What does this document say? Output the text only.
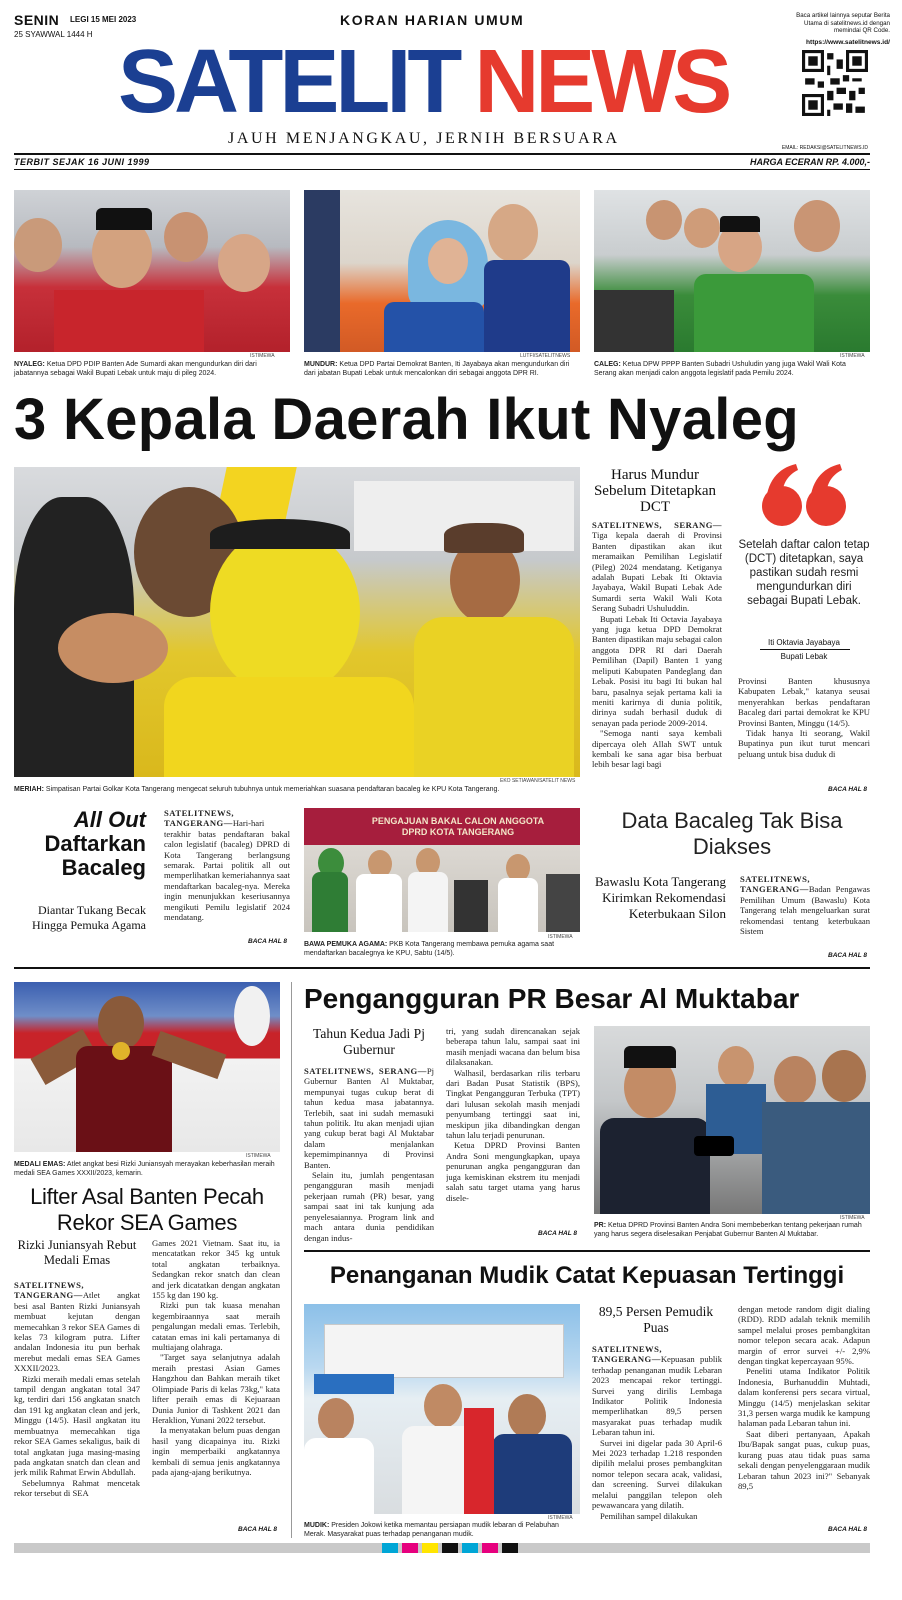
SENIN LEGI 15 MEI 2023
25 SYAWWAL 1444 H
KORAN HARIAN UMUM
SATELIT NEWS
JAUH MENJANGKAU, JERNIH BERSUARA
Baca artikel lainnya seputar Berita Utama di satelitnews.id dengan memindai QR Code.
https://www.satelitnews.id/
EMAIL: REDAKSI@SATELITNEWS.ID
TERBIT SEJAK 16 JUNI 1999	HARGA ECERAN RP. 4.000,-
ISTIMEWA
NYALEG: Ketua DPD PDIP Banten Ade Sumardi akan mengundurkan diri dari jabatannya sebagai Wakil Bupati Lebak untuk maju di pileg 2024.
LUTFI/SATELITNEWS
MUNDUR: Ketua DPD Partai Demokrat Banten, Iti Jayabaya akan mengundurkan diri dari jabatan Bupati Lebak untuk mencalonkan diri sebagai anggota DPR RI.
ISTIMEWA
CALEG: Ketua DPW PPPP Banten Subadri Ushuludin yang juga Wakil Wali Kota Serang akan menjadi calon anggota legislatif pada Pemilu 2024.
3 Kepala Daerah Ikut Nyaleg
EKO SETIAWAN/SATELIT NEWS
MERIAH: Simpatisan Partai Golkar Kota Tangerang mengecat seluruh tubuhnya untuk memeriahkan suasana pendaftaran bacaleg ke KPU Kota Tangerang.
Harus Mundur Sebelum Ditetapkan DCT

SATELITNEWS, SERANG—Tiga kepala daerah di Provinsi Banten dipastikan akan ikut meramaikan Pemilihan Legislatif (Pileg) 2024 mendatang. Ketiganya adalah Bupati Lebak Iti Oktavia Jayabaya, Wakil Bupati Lebak Ade Sumardi serta Wakil Wali Kota Serang Subadri Ushuluddin.

Bupati Lebak Iti Octavia Jayabaya yang juga ketua DPD Demokrat Banten dipastikan maju sebagai calon anggota DPR RI dari Daerah Pemilihan (Dapil) Banten 1 yang meliputi Kabupaten Pandeglang dan Lebak. Posisi itu bagi Iti bukan hal baru, pasalnya sejak pertama kali ia meniti karirnya di dunia politik, dirinya sudah berhasil duduk di senayan pada periode 2009-2014.

"Semoga nanti saya kembali dipercaya oleh Allah SWT untuk kembali ke sana agar bisa berbuat lebih besar lagi bagi

Setelah daftar calon tetap (DCT) ditetapkan, saya pastikan sudah resmi mengundurkan diri sebagai Bupati Lebak.
Iti Oktavia Jayabaya
Bupati Lebak

Provinsi Banten khususnya Kabupaten Lebak," katanya seusai menyerahkan berkas pendaftaran Bacaleg dari partai demokrat ke KPU Provinsi Banten, Minggu (14/5).

Tidak hanya Iti seorang, Wakil Bupatinya pun ikut turut mencari peluang untuk bisa duduk di

BACA HAL 8
All Out
Daftarkan
Bacaleg
Diantar Tukang Becak Hingga Pemuka Agama

SATELITNEWS, TANGERANG—Hari-hari terakhir batas pendaftaran bakal calon legislatif (bacaleg) DPRD di Kota Tangerang berlangsung semarak. Partai politik all out memperlihatkan kemeriahannya saat mendaftarkan bacaleg-nya. Mereka ingin menunjukkan keseriusannya mengikuti Pemilu legislatif 2024 mendatang.

BACA HAL 8
PENGAJUAN BAKAL CALON ANGGOTA DPRD KOTA TANGERANG
ISTIMEWA
BAWA PEMUKA AGAMA: PKB Kota Tangerang membawa pemuka agama saat mendaftarkan bacalegnya ke KPU, Sabtu (14/5).
Data Bacaleg Tak Bisa Diakses
Bawaslu Kota Tangerang Kirimkan Rekomendasi Keterbukaan Silon

SATELITNEWS, TANGERANG—Badan Pengawas Pemilihan Umum (Bawaslu) Kota Tangerang telah mengeluarkan surat rekomendasi tentang keterbukaan Sistem

BACA HAL 8
ISTIMEWA
MEDALI EMAS: Atlet angkat besi Rizki Juniansyah merayakan keberhasilan meraih medali SEA Games XXXII/2023, kemarin.
Lifter Asal Banten Pecah Rekor SEA Games
Rizki Juniansyah Rebut Medali Emas

SATELITNEWS, TANGERANG—Atlet angkat besi asal Banten Rizki Juniansyah membuat kejutan dengan memecahkan 3 rekor SEA Games di kelas 73 kilogram putra. Lifter andalan Indonesia itu pun berhak merebut medali emas SEA Games XXXII/2023.

Rizki meraih medali emas setelah tampil dengan angkatan total 347 kg, terdiri dari 156 angkatan snatch dan 191 kg angkatan clean and jerk, Minggu (14/5). Hasil angkatan itu membuatnya memecahkan tiga rekor SEA Games sekaligus, baik di total angkatan juga masing-masing pada angkatan snatch dan clean and jerk milik Rahmat Erwin Abdullah.

Sebelumnya Rahmat mencetak rekor tersebut di SEA

Games 2021 Vietnam. Saat itu, ia mencatatkan rekor 345 kg untuk total angkatan terbaiknya. Sedangkan rekor snatch dan clean and jerk dicatatkan dengan angkatan 155 kg dan 190 kg.

Rizki pun tak kuasa menahan kegembiraannya saat meraih pengalungan medali emas. Terlebih, catatan emas ini kali pertamanya di multiajang olahraga.

"Target saya selanjutnya adalah meraih prestasi Asian Games Hangzhou dan Bahkan meraih tiket Olimpiade Paris di kelas 73kg," kata lifter peraih emas di Kejuaraan Dunia Junior di Tashkent 2021 dan Heraklion, Yunani 2022 tersebut.

Ia menyatakan belum puas dengan hasil yang dicapainya itu. Rizki ingin memperbaiki angkatannya kembali di semua jenis angkatannya pada ajang-ajang berikutnya.

BACA HAL 8
Pengangguran PR Besar Al Muktabar
Tahun Kedua Jadi Pj Gubernur

SATELITNEWS, SERANG—Pj Gubernur Banten Al Muktabar, mempunyai tugas cukup berat di tahun kedua masa jabatannya. Terlebih, saat ini sudah memasuki tahun politik. Itu akan menjadi ujian yang cukup berat bagi Al Muktabar dalam menjalankan kepemimpinannya di Provinsi Banten.

Selain itu, jumlah pengentasan pengangguran masih menjadi pekerjaan rumah (PR) besar, yang sampai saat ini tak kunjung ada penyelesaiannya. Program link and mach antara dunia pendidikan dengan indus-

tri, yang sudah direncanakan sejak beberapa tahun lalu, sampai saat ini masih menjadi wacana dan belum bisa dilaksanakan.

Walhasil, berdasarkan rilis terbaru dari Badan Pusat Statistik (BPS), Tingkat Pengangguran Terbuka (TPT) dari lulusan sekolah masih menjadi penyumbang tertinggi saat ini, meskipun jika dibandingkan dengan tahun lalu terjadi penurunan.

Ketua DPRD Provinsi Banten Andra Soni mengungkapkan, upaya penurunan angka pengangguran dan juga kemiskinan ekstrem itu menjadi salah satu target utama yang harus disele-

BACA HAL 8
ISTIMEWA
PR: Ketua DPRD Provinsi Banten Andra Soni membeberkan tentang pekerjaan rumah yang harus segera diselesaikan Penjabat Gubernur Banten Al Muktabar.
Penanganan Mudik Catat Kepuasan Tertinggi
ISTIMEWA
MUDIK: Presiden Jokowi ketika memantau persiapan mudik lebaran di Pelabuhan Merak. Masyarakat puas terhadap penanganan mudik.
89,5 Persen Pemudik Puas

SATELITNEWS, TANGERANG—Kepuasan publik terhadap penanganan mudik Lebaran 2023 mencapai rekor tertinggi. Survei yang dirilis Lembaga Indikator Politik Indonesia memperlihatkan 89,5 persen masyarakat puas terhadap mudik Lebaran tahun ini.

Survei ini digelar pada 30 April-6 Mei 2023 terhadap 1.218 responden dipilih melalui proses pembangkitan nomor telepon secara acak, validasi, dan screening. Survei dilakukan melalui panggilan telepon oleh pewawancara yang dilatih.

Pemilihan sampel dilakukan

dengan metode random digit dialing (RDD). RDD adalah teknik memilih sampel melalui proses pembangkitan nomor telepon secara acak. Adapun margin of error survei +/- 2,9% dengan tingkat kepercayaan 95%.

Peneliti utama Indikator Politik Indonesia, Burhanuddin Muhtadi, dalam konferensi pers secara virtual, Minggu (14/5) menjelaskan sekitar 31,3 persen warga mudik ke kampung halaman pada Lebaran tahun ini.

Saat diberi pertanyaan, Apakah Ibu/Bapak sangat puas, cukup puas, kurang puas atau tidak puas sama sekali dengan penyelenggaraan mudik Lebaran tahun 2023 ini?" Sebanyak 89,5

BACA HAL 8
